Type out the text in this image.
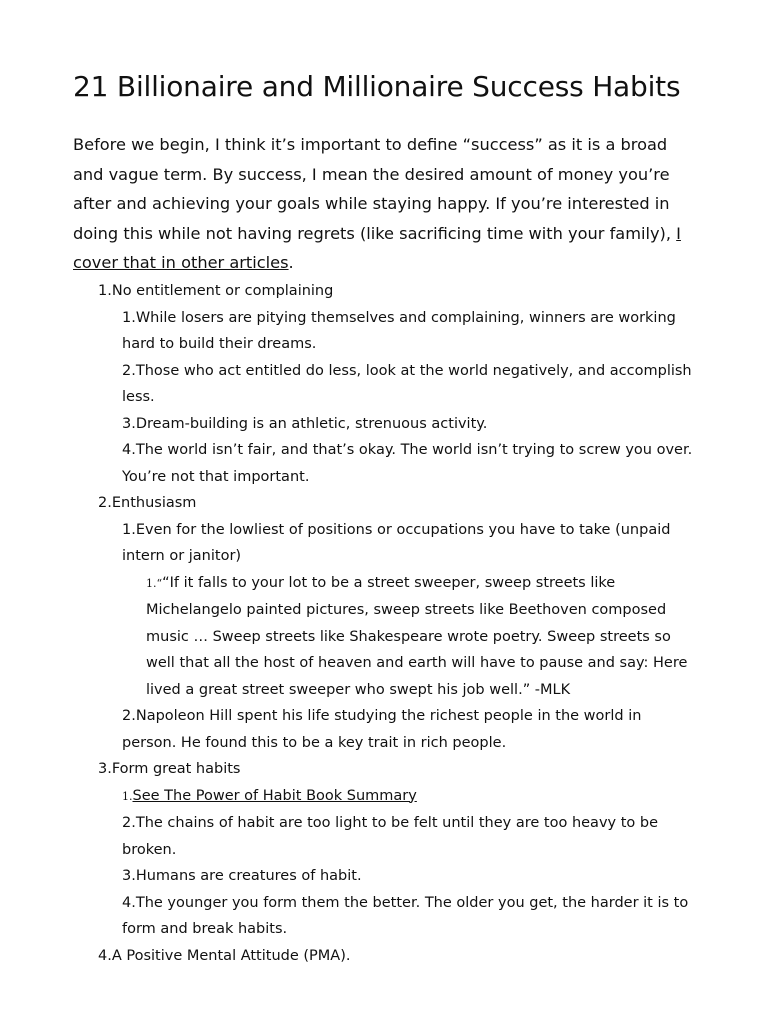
21 Billionaire and Millionaire Success Habits

Before we begin, I think it’s important to define “success” as it is a broad and vague term. By success, I mean the desired amount of money you’re after and achieving your goals while staying happy. If you’re interested in doing this while not having regrets (like sacrificing time with your family), I cover that in other articles.

1.No entitlement or complaining

1.While losers are pitying themselves and complaining, winners are working hard to build their dreams.

2.Those who act entitled do less, look at the world negatively, and accomplish less.

3.Dream-building is an athletic, strenuous activity.

4.The world isn’t fair, and that’s okay. The world isn’t trying to screw you over. You’re not that important.

2.Enthusiasm

1.Even for the lowliest of positions or occupations you have to take (unpaid intern or janitor)

1.““If it falls to your lot to be a street sweeper, sweep streets like Michelangelo painted pictures, sweep streets like Beethoven composed music … Sweep streets like Shakespeare wrote poetry. Sweep streets so well that all the host of heaven and earth will have to pause and say: Here lived a great street sweeper who swept his job well.” -MLK

2.Napoleon Hill spent his life studying the richest people in the world in person. He found this to be a key trait in rich people.

3.Form great habits

1.See The Power of Habit Book Summary

2.The chains of habit are too light to be felt until they are too heavy to be broken.

3.Humans are creatures of habit.

4.The younger you form them the better. The older you get, the harder it is to form and break habits.

4.A Positive Mental Attitude (PMA).
